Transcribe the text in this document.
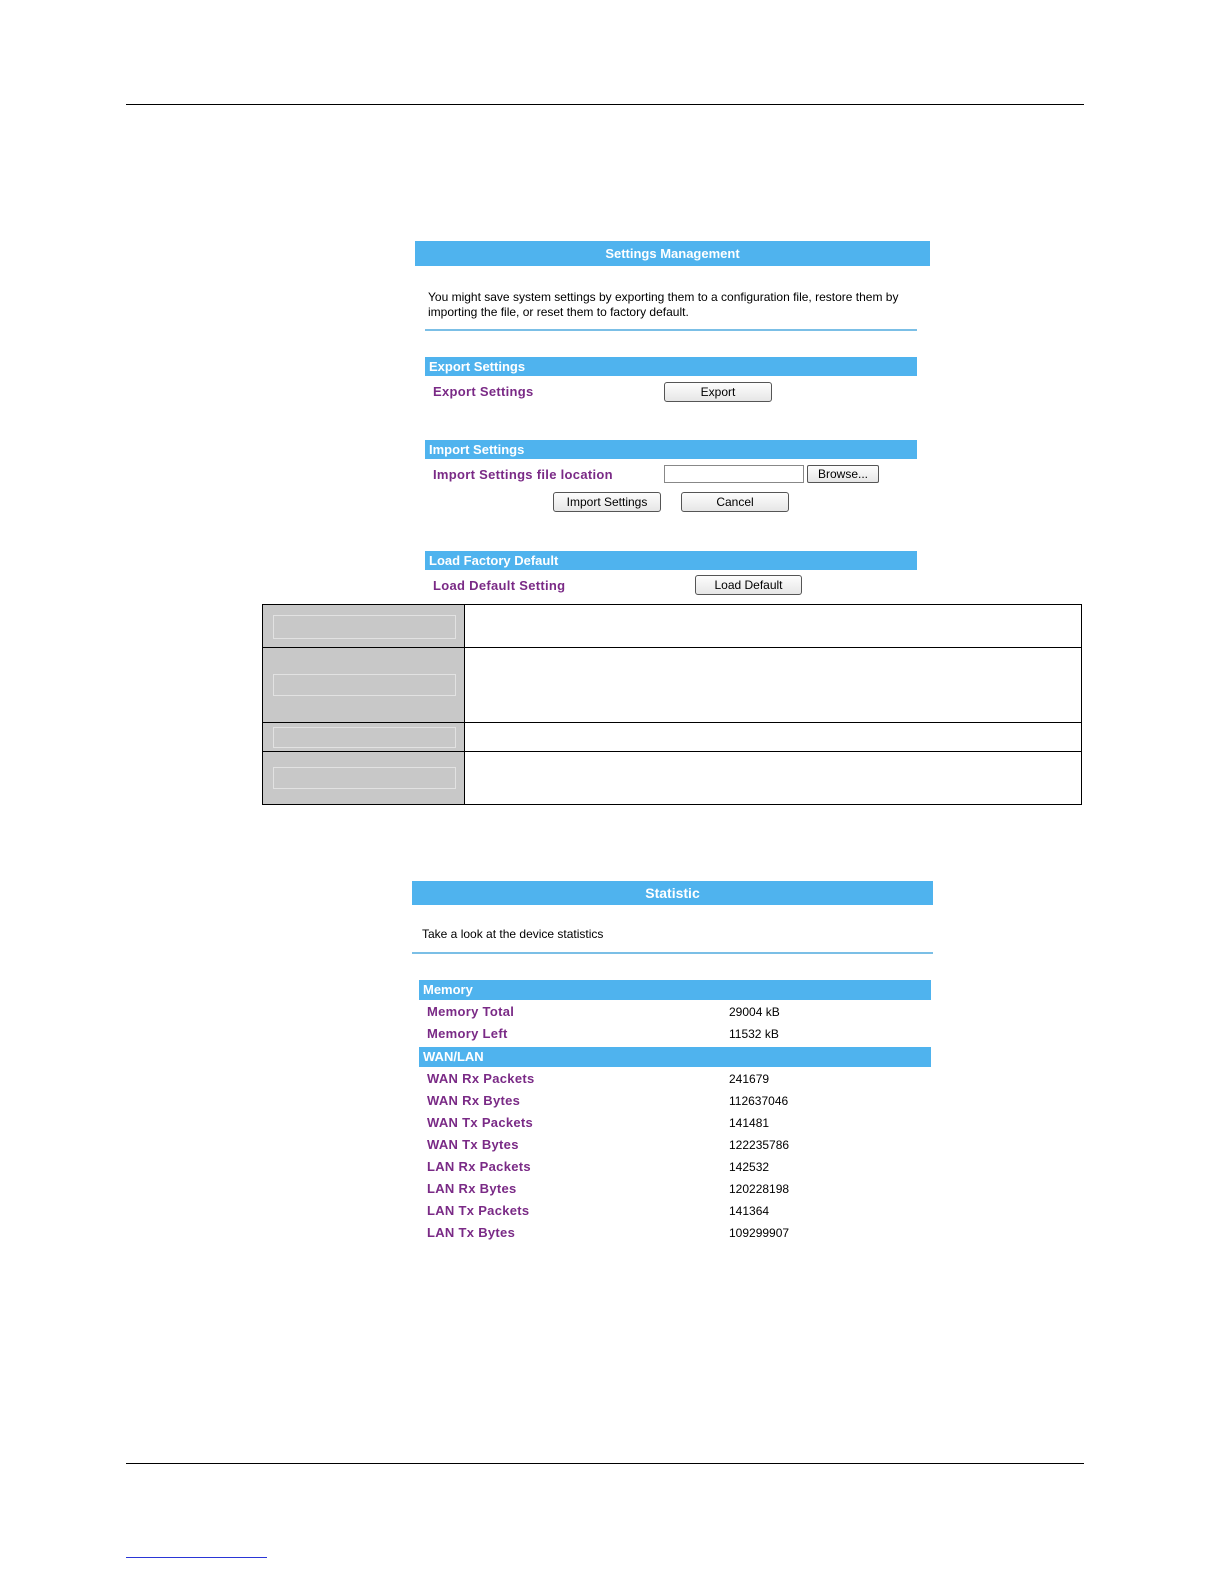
Settings Management
You might save system settings by exporting them to a configuration file, restore them by importing the file, or reset them to factory default.
Export Settings
Export Settings	Export
Import Settings
Import Settings file location	Browse...
Import Settings	Cancel
Load Factory Default
Load Default Setting	Load Default

Statistic
Take a look at the device statistics
Memory
Memory Total	29004 kB
Memory Left	11532 kB
WAN/LAN
WAN Rx Packets	241679
WAN Rx Bytes	112637046
WAN Tx Packets	141481
WAN Tx Bytes	122235786
LAN Rx Packets	142532
LAN Rx Bytes	120228198
LAN Tx Packets	141364
LAN Tx Bytes	109299907
